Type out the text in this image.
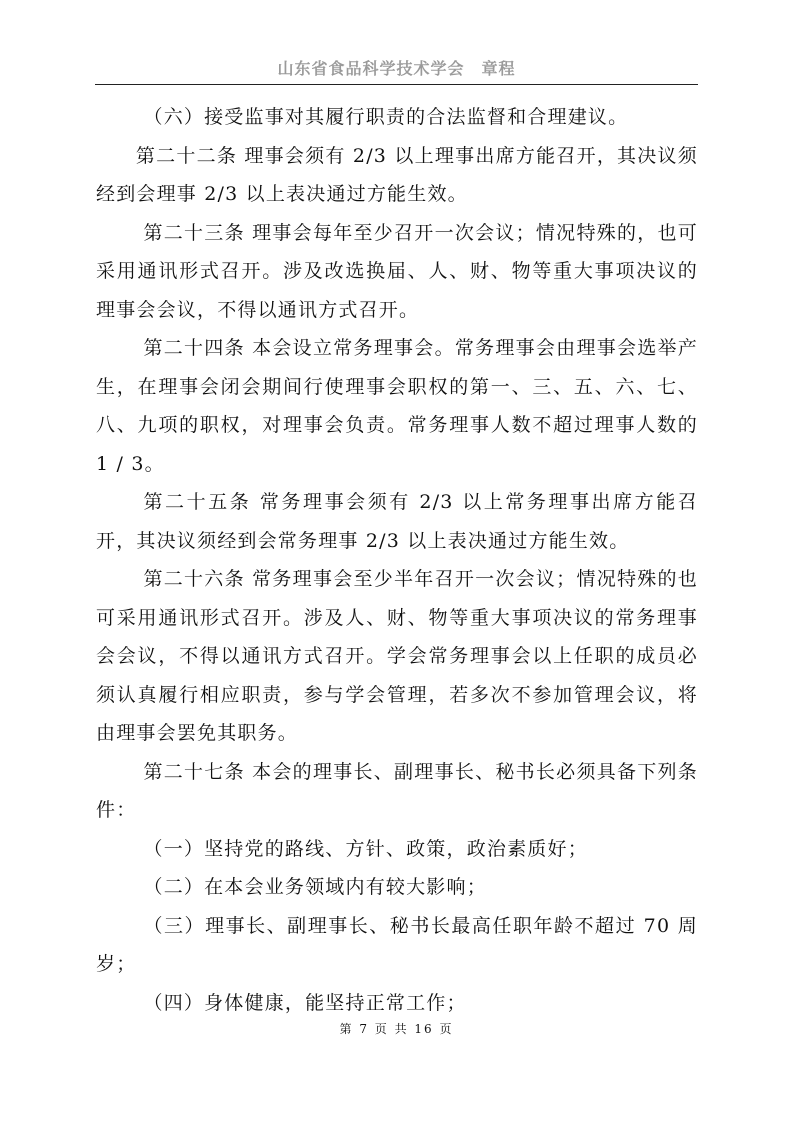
山东省食品科学技术学会　章程

（六）接受监事对其履行职责的合法监督和合理建议。

第二十二条 理事会须有 2/3 以上理事出席方能召开，其决议须经到会理事 2/3 以上表决通过方能生效。

第二十三条 理事会每年至少召开一次会议；情况特殊的，也可采用通讯形式召开。涉及改选换届、人、财、物等重大事项决议的理事会会议，不得以通讯方式召开。

第二十四条 本会设立常务理事会。常务理事会由理事会选举产生，在理事会闭会期间行使理事会职权的第一、三、五、六、七、八、九项的职权，对理事会负责。常务理事人数不超过理事人数的 1 / 3。

第二十五条 常务理事会须有 2/3 以上常务理事出席方能召开，其决议须经到会常务理事 2/3 以上表决通过方能生效。

第二十六条 常务理事会至少半年召开一次会议；情况特殊的也可采用通讯形式召开。涉及人、财、物等重大事项决议的常务理事会会议，不得以通讯方式召开。学会常务理事会以上任职的成员必须认真履行相应职责，参与学会管理，若多次不参加管理会议，将由理事会罢免其职务。

第二十七条 本会的理事长、副理事长、秘书长必须具备下列条件：

（一）坚持党的路线、方针、政策，政治素质好；

（二）在本会业务领域内有较大影响；

（三）理事长、副理事长、秘书长最高任职年龄不超过 70 周岁；

（四）身体健康，能坚持正常工作；

第 7 页 共 16 页
